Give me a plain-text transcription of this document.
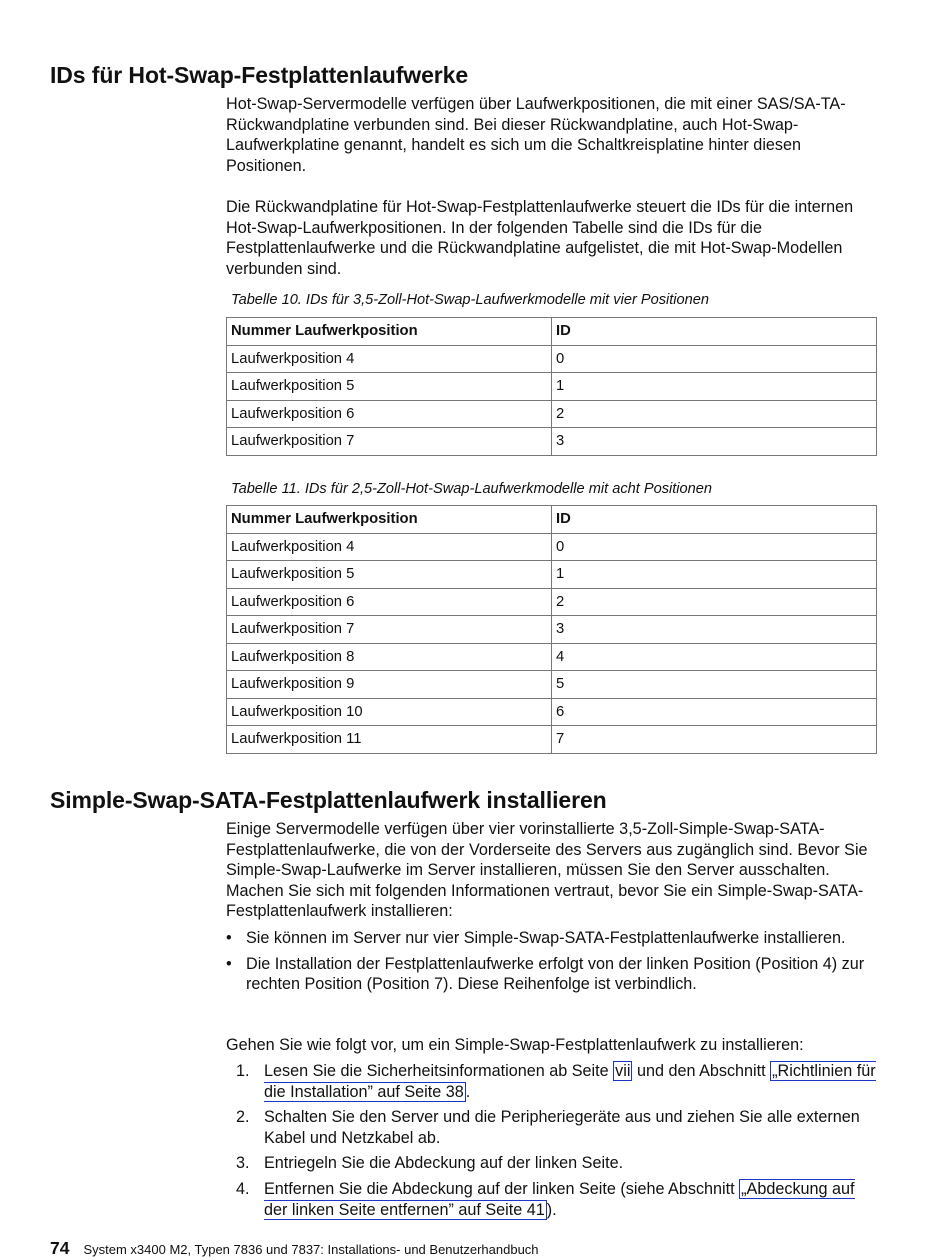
IDs für Hot-Swap-Festplattenlaufwerke

Hot-Swap-Servermodelle verfügen über Laufwerkpositionen, die mit einer SAS/SA-TA-Rückwandplatine verbunden sind. Bei dieser Rückwandplatine, auch Hot-Swap-Laufwerkplatine genannt, handelt es sich um die Schaltkreisplatine hinter diesen Positionen.

Die Rückwandplatine für Hot-Swap-Festplattenlaufwerke steuert die IDs für die internen Hot-Swap-Laufwerkpositionen. In der folgenden Tabelle sind die IDs für die Festplattenlaufwerke und die Rückwandplatine aufgelistet, die mit Hot-Swap-Modellen verbunden sind.

Tabelle 10. IDs für 3,5-Zoll-Hot-Swap-Laufwerkmodelle mit vier Positionen
Nummer Laufwerkposition	ID
Laufwerkposition 4	0
Laufwerkposition 5	1
Laufwerkposition 6	2
Laufwerkposition 7	3
Tabelle 11. IDs für 2,5-Zoll-Hot-Swap-Laufwerkmodelle mit acht Positionen
Nummer Laufwerkposition	ID
Laufwerkposition 4	0
Laufwerkposition 5	1
Laufwerkposition 6	2
Laufwerkposition 7	3
Laufwerkposition 8	4
Laufwerkposition 9	5
Laufwerkposition 10	6
Laufwerkposition 11	7
Simple-Swap-SATA-Festplattenlaufwerk installieren

Einige Servermodelle verfügen über vier vorinstallierte 3,5-Zoll-Simple-Swap-SATA-Festplattenlaufwerke, die von der Vorderseite des Servers aus zugänglich sind. Bevor Sie Simple-Swap-Laufwerke im Server installieren, müssen Sie den Server ausschalten. Machen Sie sich mit folgenden Informationen vertraut, bevor Sie ein Simple-Swap-SATA-Festplattenlaufwerk installieren:

• Sie können im Server nur vier Simple-Swap-SATA-Festplattenlaufwerke installieren.
• Die Installation der Festplattenlaufwerke erfolgt von der linken Position (Position 4) zur rechten Position (Position 7). Diese Reihenfolge ist verbindlich.

Gehen Sie wie folgt vor, um ein Simple-Swap-Festplattenlaufwerk zu installieren:

1. Lesen Sie die Sicherheitsinformationen ab Seite vii und den Abschnitt „Richtlinien für die Installation” auf Seite 38 .
2. Schalten Sie den Server und die Peripheriegeräte aus und ziehen Sie alle externen Kabel und Netzkabel ab.
3. Entriegeln Sie die Abdeckung auf der linken Seite.
4. Entfernen Sie die Abdeckung auf der linken Seite (siehe Abschnitt „Abdeckung auf der linken Seite entfernen” auf Seite 41 ).
74 System x3400 M2, Typen 7836 und 7837: Installations- und Benutzerhandbuch
